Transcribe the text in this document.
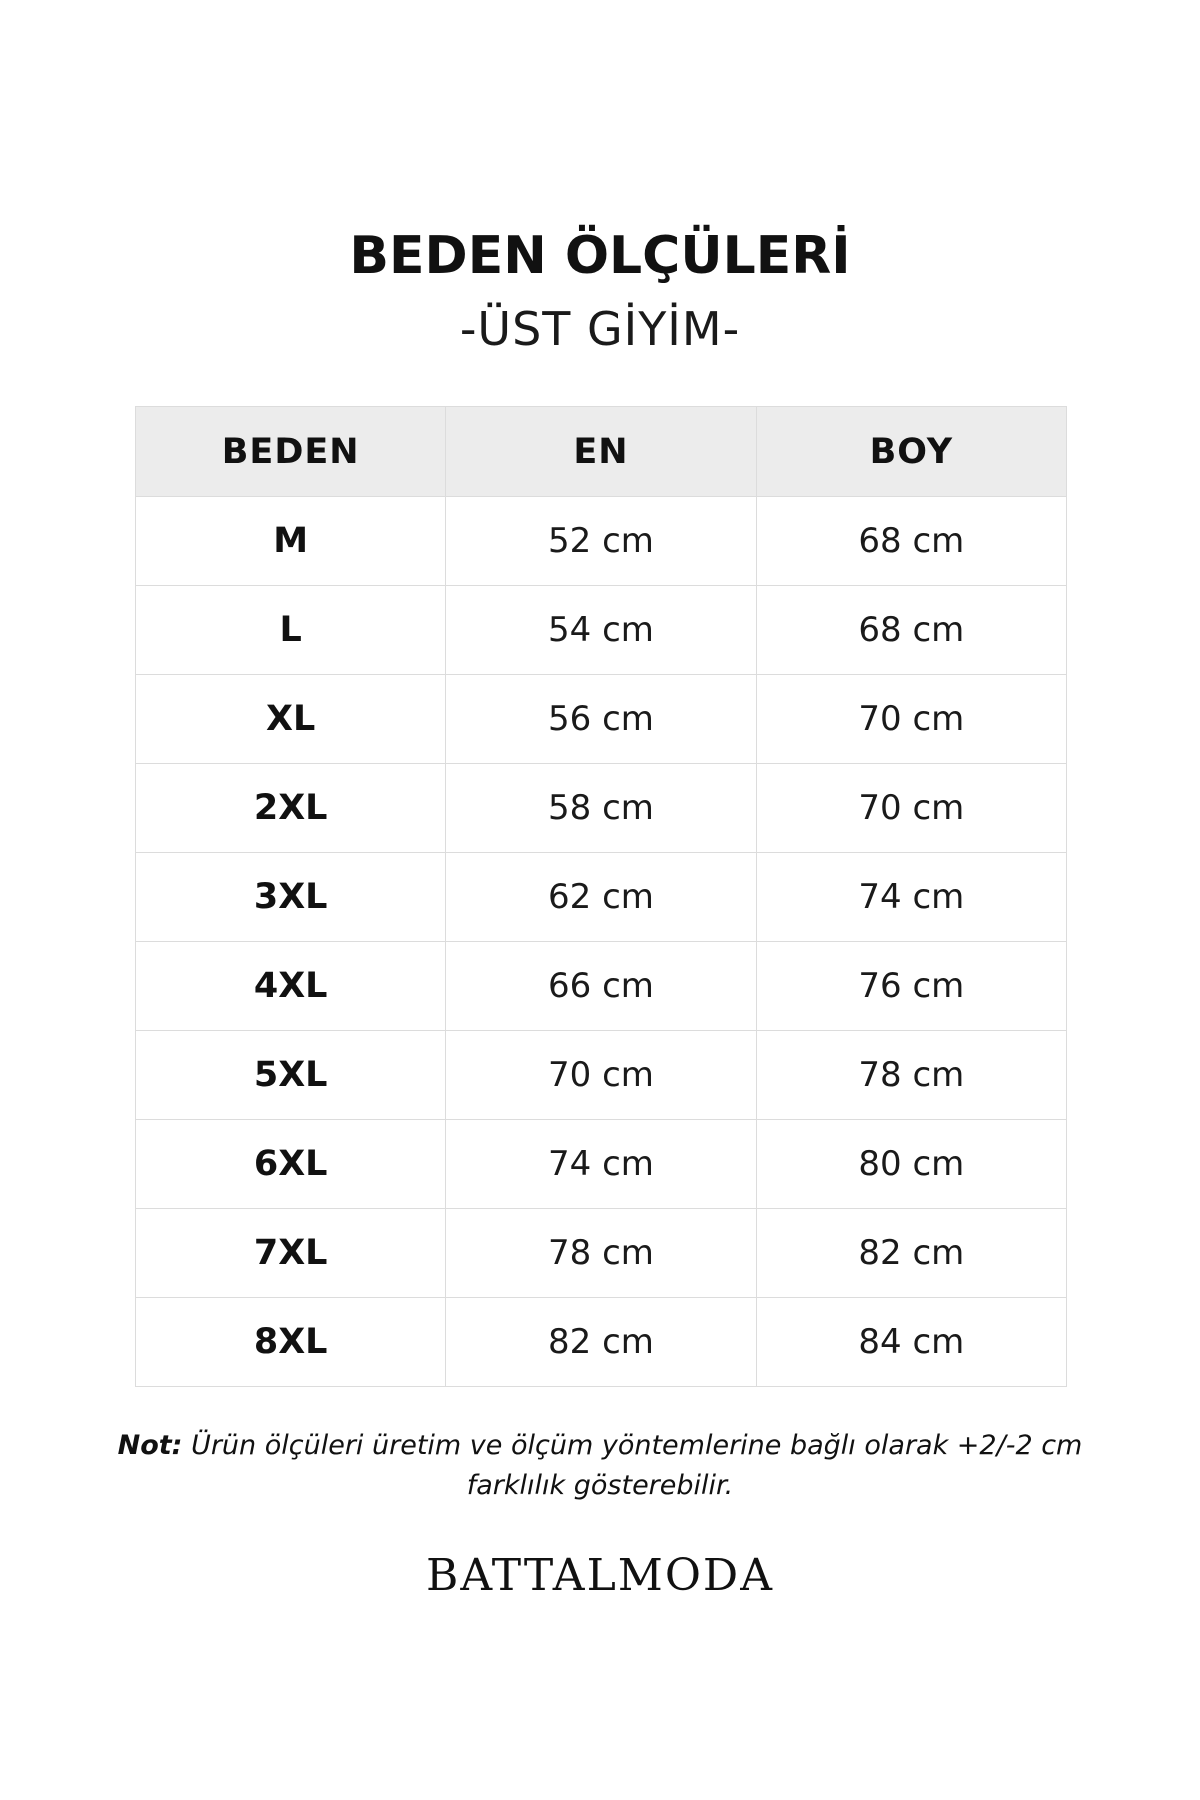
BEDEN ÖLÇÜLERİ
-ÜST GİYİM-
BEDEN	EN	BOY
M	52 cm	68 cm
L	54 cm	68 cm
XL	56 cm	70 cm
2XL	58 cm	70 cm
3XL	62 cm	74 cm
4XL	66 cm	76 cm
5XL	70 cm	78 cm
6XL	74 cm	80 cm
7XL	78 cm	82 cm
8XL	82 cm	84 cm
Not: Ürün ölçüleri üretim ve ölçüm yöntemlerine bağlı olarak +2/-2 cm farklılık gösterebilir.
BATTALMODA
